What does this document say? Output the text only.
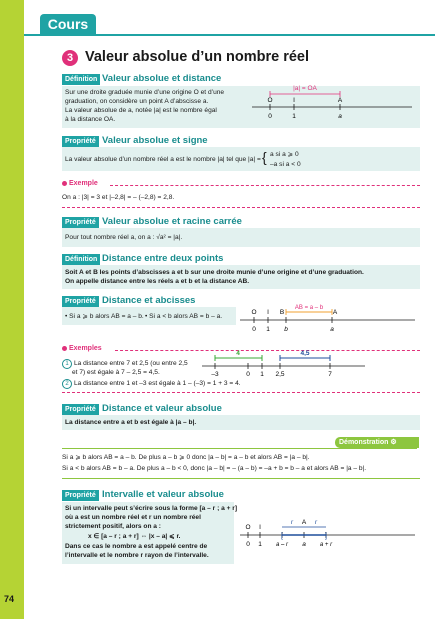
Cours
74
3 Valeur absolue d’un nombre réel
Définition Valeur absolue et distance
Sur une droite graduée munie d’une origine O et d’une
graduation, on considère un point A d’abscisse a.
La valeur absolue de a, notée |a| est le nombre égal
à la distance OA.
|a| = OA
O	I	A
0	1	a
Propriété Valeur absolue et signe
La valeur absolue d’un nombre réel a est le nombre |a| tel que |a| = { a si a ⩾ 0
–a si a < 0
Exemple
On a : |3| = 3 et |–2,8| = – (–2,8) = 2,8.
Propriété Valeur absolue et racine carrée
Pour tout nombre réel a, on a : √a² = |a|.
Définition Distance entre deux points
Soit A et B les points d’abscisses a et b sur une droite munie d’une origine et d’une graduation.
On appelle distance entre les réels a et b et la distance AB.
Propriété Distance et abcisses
• Si a ⩾ b alors AB = a – b. • Si a < b alors AB = b – a.
AB = a – b
O I B	A
0 1 b	a
Exemples
1 La distance entre 7 et 2,5 (ou entre 2,5
et 7) est égale à 7 – 2,5 = 4,5.
2 La distance entre 1 et –3 est égale à 1 – (–3) = 1 + 3 = 4.
4	4,5
–3	0 1 2,5	7
Propriété Distance et valeur absolue
La distance entre a et b est égale à |a – b|.
Démonstration ⚙
Si a ⩾ b alors AB = a – b. De plus a – b ⩾ 0 donc |a – b| = a – b et alors AB = |a – b|.
Si a < b alors AB = b – a. De plus a – b < 0, donc |a – b| = – (a – b) = –a + b = b – a et alors AB = |a – b|.
Propriété Intervalle et valeur absolue
Si un intervalle peut s’écrire sous la forme [a – r ; a + r]
où a est un nombre réel et r un nombre réel
strictement positif, alors on a :
x ∈ [a – r ; a + r] ⇔ |x – a| ⩽ r.
Dans ce cas le nombre a est appelé centre de
l’intervalle et le nombre r rayon de l’intervalle.
[	]
r A r
O I
0 1 a – r a a + r
